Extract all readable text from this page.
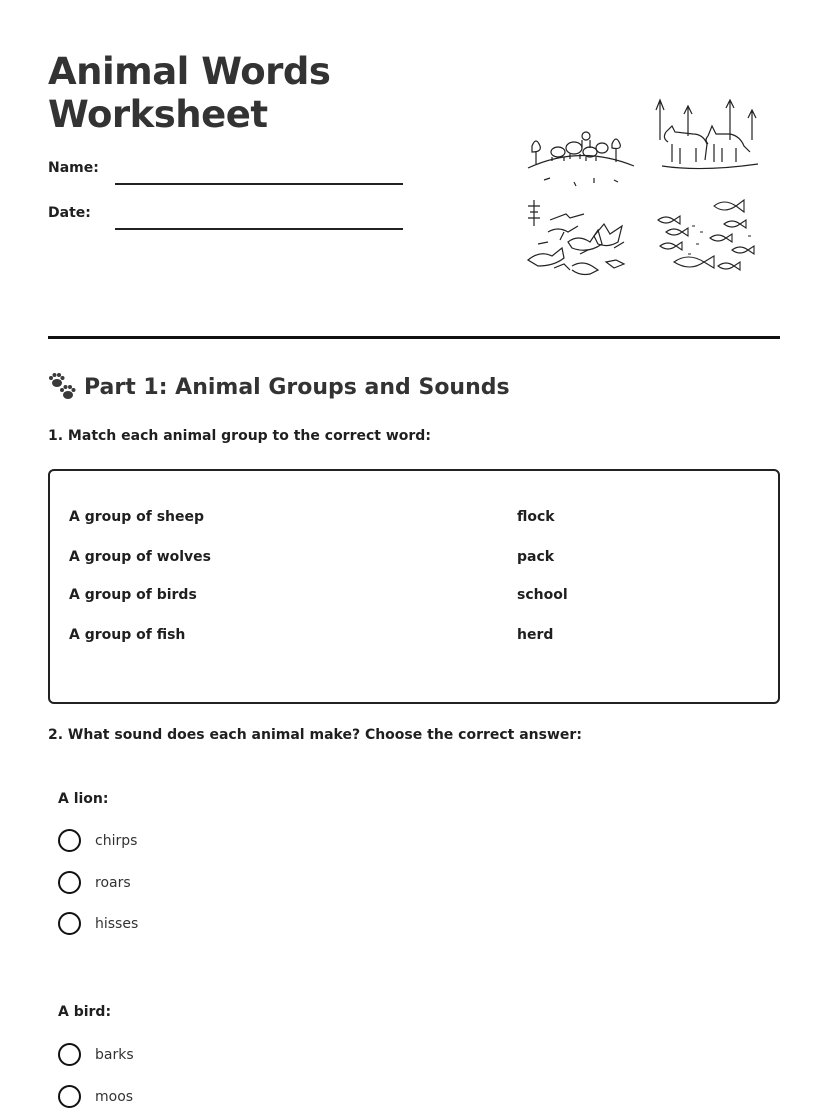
Animal Words
Worksheet
Name:
Date:
Part 1: Animal Groups and Sounds
1. Match each animal group to the correct word:
A group of sheep	flock
A group of wolves	pack
A group of birds	school
A group of fish	herd
2. What sound does each animal make? Choose the correct answer:
A lion:
chirps
roars
hisses
A bird:
barks
moos
